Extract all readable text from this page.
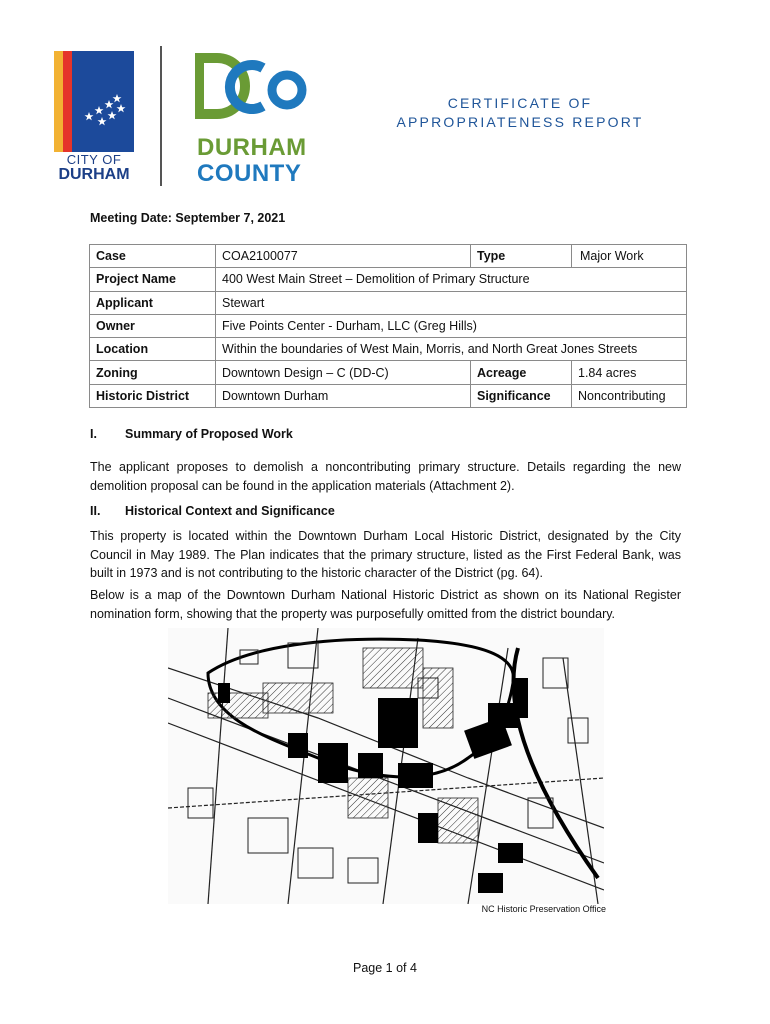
CITY OF
DURHAM
DURHAM
COUNTY
CERTIFICATE OF
APPROPRIATENESS REPORT
Meeting Date: September 7, 2021
Case	COA2100077	Type	Major Work
Project Name	400 West Main Street – Demolition of Primary Structure		
Applicant	Stewart		
Owner	Five Points Center - Durham, LLC (Greg Hills)		
Location	Within the boundaries of West Main, Morris, and North Great Jones Streets		
Zoning	Downtown Design – C (DD-C)	Acreage	1.84 acres
Historic District	Downtown Durham	Significance	Noncontributing
I. Summary of Proposed Work
The applicant proposes to demolish a noncontributing primary structure. Details regarding the new demolition proposal can be found in the application materials (Attachment 2).
II. Historical Context and Significance
This property is located within the Downtown Durham Local Historic District, designated by the City Council in May 1989. The Plan indicates that the primary structure, listed as the First Federal Bank, was built in 1973 and is not contributing to the historic character of the District (pg. 64).
Below is a map of the Downtown Durham National Historic District as shown on its National Register nomination form, showing that the property was purposefully omitted from the district boundary.
NC Historic Preservation Office
Page 1 of 4
